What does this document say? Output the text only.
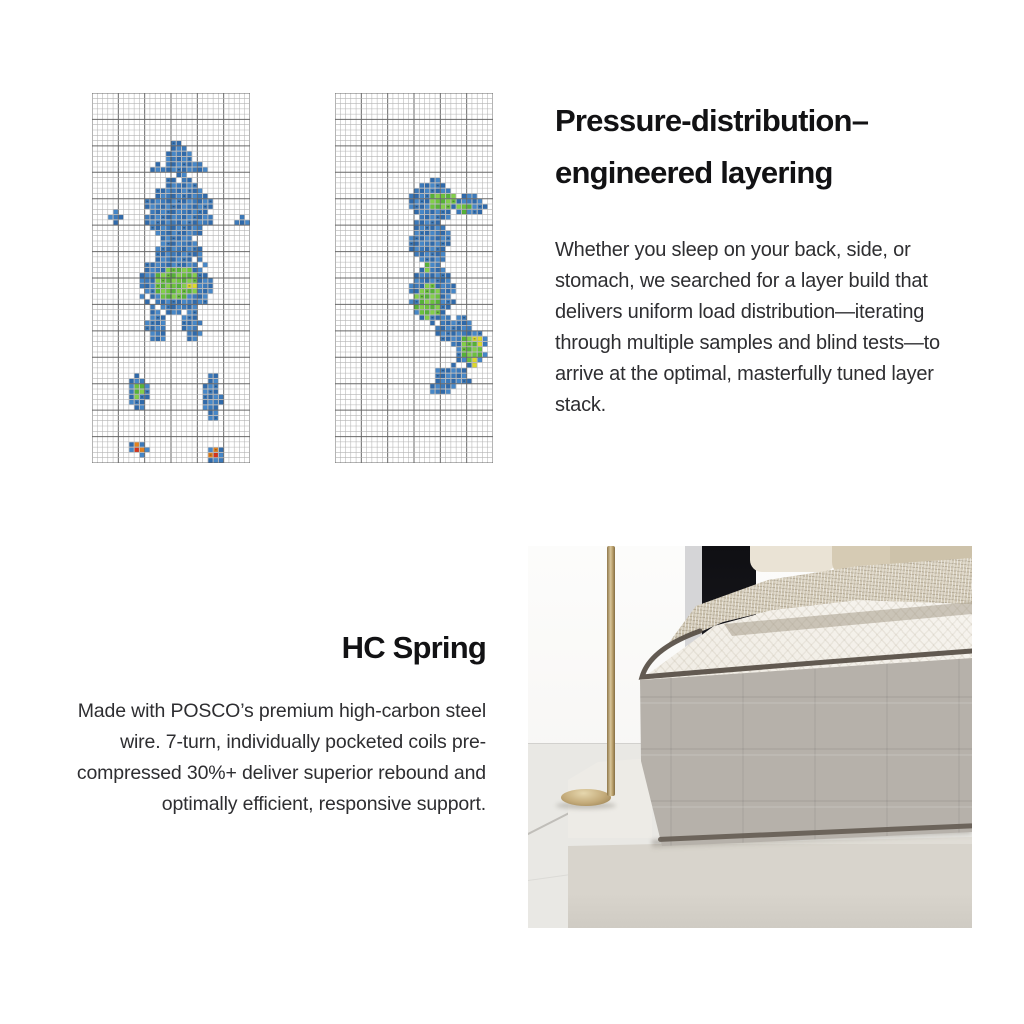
Pressure-distribution–engineered layering

Whether you sleep on your back, side, or stomach, we searched for a layer build that delivers uniform load distribution—iterating through multiple samples and blind tests—to arrive at the optimal, masterfully tuned layer stack.

HC Spring

Made with POSCO’s premium high-carbon steel wire. 7-turn, individually pocketed coils pre-compressed 30%+ deliver superior rebound and optimally efficient, responsive support.
